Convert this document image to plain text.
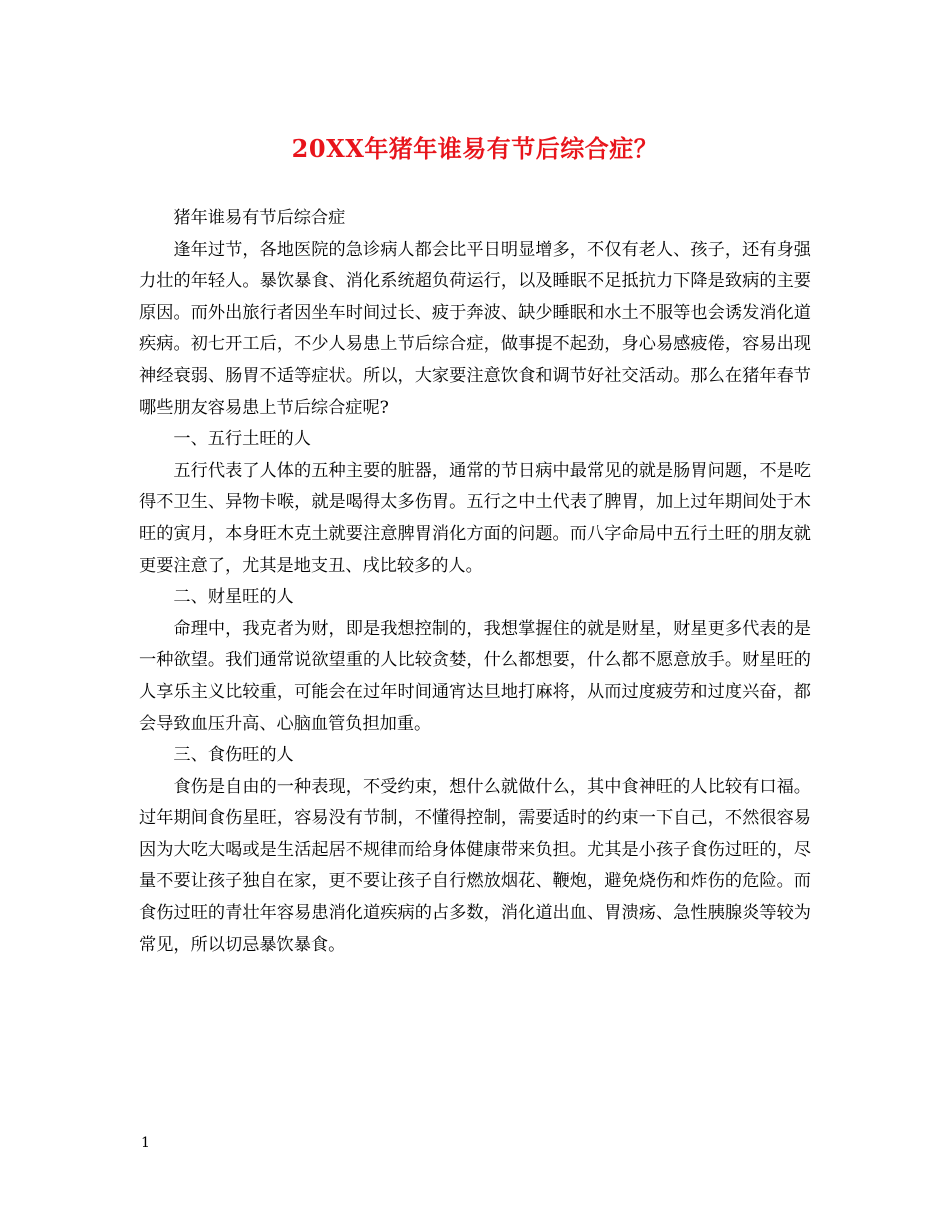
20XX年猪年谁易有节后综合症？

猪年谁易有节后综合症

逢年过节，各地医院的急诊病人都会比平日明显增多，不仅有老人、孩子，还有身强力壮的年轻人。暴饮暴食、消化系统超负荷运行，以及睡眠不足抵抗力下降是致病的主要原因。而外出旅行者因坐车时间过长、疲于奔波、缺少睡眠和水土不服等也会诱发消化道疾病。初七开工后，不少人易患上节后综合症，做事提不起劲，身心易感疲倦，容易出现神经衰弱、肠胃不适等症状。所以，大家要注意饮食和调节好社交活动。那么在猪年春节哪些朋友容易患上节后综合症呢?

一、五行土旺的人

五行代表了人体的五种主要的脏器，通常的节日病中最常见的就是肠胃问题，不是吃得不卫生、异物卡喉，就是喝得太多伤胃。五行之中土代表了脾胃，加上过年期间处于木旺的寅月，本身旺木克土就要注意脾胃消化方面的问题。而八字命局中五行土旺的朋友就更要注意了，尤其是地支丑、戌比较多的人。

二、财星旺的人

命理中，我克者为财，即是我想控制的，我想掌握住的就是财星，财星更多代表的是一种欲望。我们通常说欲望重的人比较贪婪，什么都想要，什么都不愿意放手。财星旺的人享乐主义比较重，可能会在过年时间通宵达旦地打麻将，从而过度疲劳和过度兴奋，都会导致血压升高、心脑血管负担加重。

三、食伤旺的人

食伤是自由的一种表现，不受约束，想什么就做什么，其中食神旺的人比较有口福。过年期间食伤星旺，容易没有节制，不懂得控制，需要适时的约束一下自己，不然很容易因为大吃大喝或是生活起居不规律而给身体健康带来负担。尤其是小孩子食伤过旺的，尽量不要让孩子独自在家，更不要让孩子自行燃放烟花、鞭炮，避免烧伤和炸伤的危险。而食伤过旺的青壮年容易患消化道疾病的占多数，消化道出血、胃溃疡、急性胰腺炎等较为常见，所以切忌暴饮暴食。

1
